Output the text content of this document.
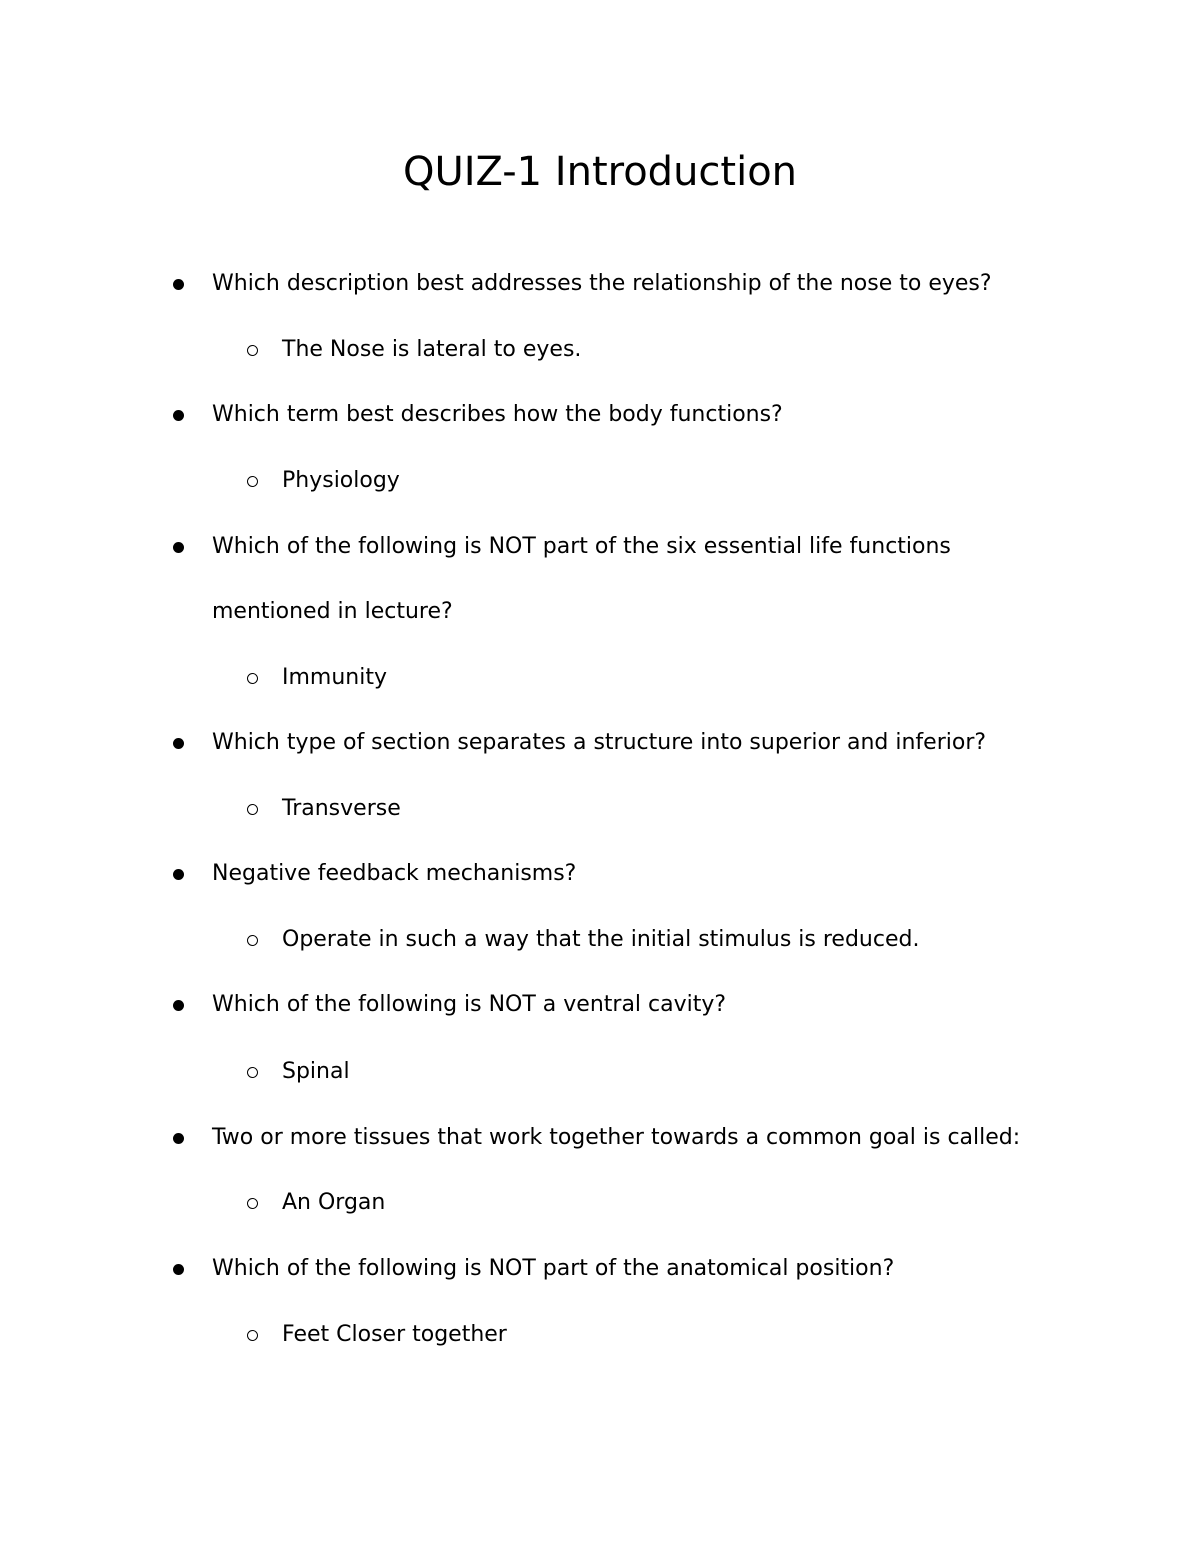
QUIZ-1 Introduction
Which description best addresses the relationship of the nose to eyes?
The Nose is lateral to eyes.
Which term best describes how the body functions?
Physiology
Which of the following is NOT part of the six essential life functions
mentioned in lecture?
Immunity
Which type of section separates a structure into superior and inferior?
Transverse
Negative feedback mechanisms?
Operate in such a way that the initial stimulus is reduced.
Which of the following is NOT a ventral cavity?
Spinal
Two or more tissues that work together towards a common goal is called:
An Organ
Which of the following is NOT part of the anatomical position?
Feet Closer together
